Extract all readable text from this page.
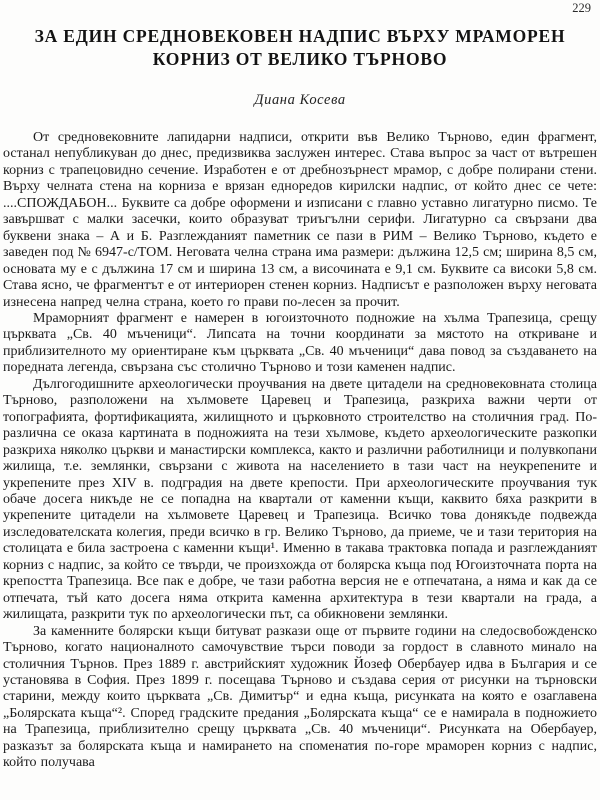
229
ЗА ЕДИН СРЕДНОВЕКОВЕН НАДПИС ВЪРХУ МРАМОРЕН
КОРНИЗ ОТ ВЕЛИКО ТЪРНОВО
Диана Косева

От средновековните лапидарни надписи, открити във Велико Търново, един фрагмент, останал непубликуван до днес, предизвиква заслужен интерес. Става въпрос за част от вътрешен корниз с трапецовидно сечение. Изработен е от дребнозърнест мрамор, с добре полирани стени. Върху челната стена на корниза е врязан едноредов кирилски надпис, от който днес се чете: ....СПОЖДАБОН... Буквите са добре оформени и изписани с главно уставно лигатурно писмо. Те завършват с малки засечки, които образуват триъгълни серифи. Лигатурно са свързани два буквени знака – А и Б. Разглежданият паметник се пази в РИМ – Велико Търново, където е заведен под № 6947-с/ТОМ. Неговата челна страна има размери: дължина 12,5 см; ширина 8,5 см, основата му е с дължина 17 см и ширина 13 см, а височината е 9,1 см. Буквите са високи 5,8 см. Става ясно, че фрагментът е от интериорен стенен корниз. Надписът е разположен върху неговата изнесена напред челна страна, което го прави по-лесен за прочит.

Мраморният фрагмент е намерен в югоизточното подножие на хълма Трапезица, срещу църквата „Св. 40 мъченици“. Липсата на точни координати за мястото на откриване и приблизителното му ориентиране към църквата „Св. 40 мъченици“ дава повод за създаването на поредната легенда, свързана със столично Търново и този каменен надпис.

Дългогодишните археологически проучвания на двете цитадели на средновековната столица Търново, разположени на хълмовете Царевец и Трапезица, разкриха важни черти от топографията, фортификацията, жилищното и църковното строителство на столичния град. По-различна се оказа картината в подножията на тези хълмове, където археологическите разкопки разкриха няколко църкви и манастирски комплекса, както и различни работилници и полувкопани жилища, т.е. землянки, свързани с живота на населението в тази част на неукрепените и укрепените през XIV в. подградия на двете крепости. При археологическите проучвания тук обаче досега никъде не се попадна на квартали от каменни къщи, каквито бяха разкрити в укрепените цитадели на хълмовете Царевец и Трапезица. Всичко това донякъде подвежда изследователската колегия, преди всичко в гр. Велико Търново, да приеме, че и тази територия на столицата е била застроена с каменни къщи¹. Именно в такава трактовка попада и разглежданият корниз с надпис, за който се твърди, че произхожда от болярска къща под Югоизточната порта на крепостта Трапезица. Все пак е добре, че тази работна версия не е отпечатана, а няма и как да се отпечата, тъй като досега няма открита каменна архитектура в тези квартали на града, а жилищата, разкрити тук по археологически път, са обикновени землянки.

За каменните болярски къщи битуват разкази още от първите години на следосвобожденско Търново, когато националното самочувствие търси поводи за гордост в славното минало на столичния Търнов. През 1889 г. австрийският художник Йозеф Обербауер идва в България и се установява в София. През 1899 г. посещава Търново и създава серия от рисунки на търновски старини, между които църквата „Св. Димитър“ и една къща, рисунката на която е озаглавена „Болярската къща“². Според градските предания „Болярската къща“ се е намирала в подножието на Трапезица, приблизително срещу църквата „Св. 40 мъченици“. Рисунката на Обербауер, разказът за болярската къща и намирането на споменатия по-горе мраморен корниз с надпис, който получава
